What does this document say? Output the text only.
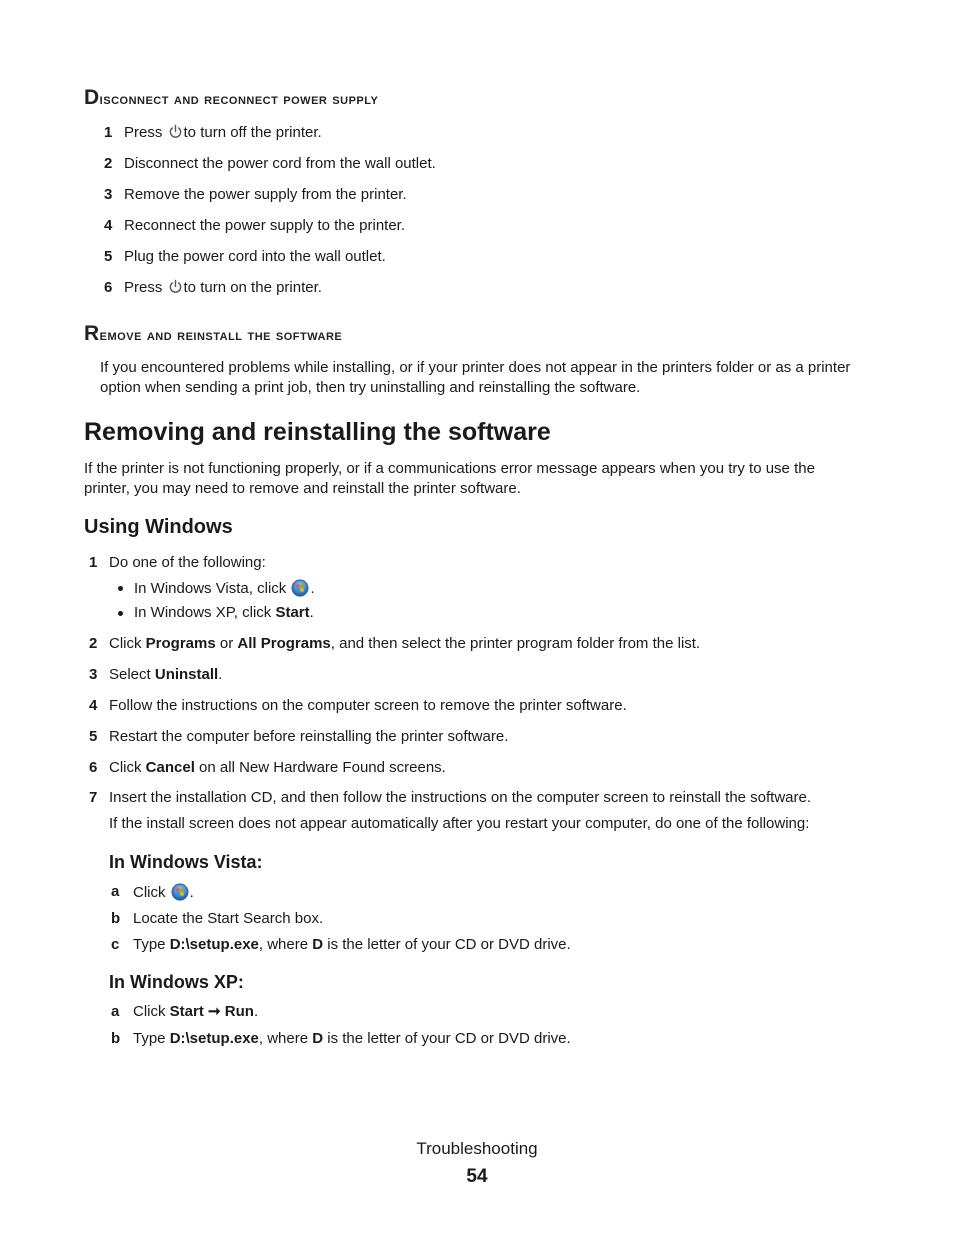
Disconnect and reconnect power supply
1 Press to turn off the printer.
2 Disconnect the power cord from the wall outlet.
3 Remove the power supply from the printer.
4 Reconnect the power supply to the printer.
5 Plug the power cord into the wall outlet.
6 Press to turn on the printer.
Remove and reinstall the software
If you encountered problems while installing, or if your printer does not appear in the printers folder or as a printer
option when sending a print job, then try uninstalling and reinstalling the software.
Removing and reinstalling the software
If the printer is not functioning properly, or if a communications error message appears when you try to use the
printer, you may need to remove and reinstall the printer software.
Using Windows
1 Do one of the following:
In Windows Vista, click .
In Windows XP, click Start.
2 Click Programs or All Programs, and then select the printer program folder from the list.
3 Select Uninstall.
4 Follow the instructions on the computer screen to remove the printer software.
5 Restart the computer before reinstalling the printer software.
6 Click Cancel on all New Hardware Found screens.
7 Insert the installation CD, and then follow the instructions on the computer screen to reinstall the software.
If the install screen does not appear automatically after you restart your computer, do one of the following:
In Windows Vista:
a Click .
b Locate the Start Search box.
c Type D:\setup.exe, where D is the letter of your CD or DVD drive.
In Windows XP:
a Click Start ➞ Run.
b Type D:\setup.exe, where D is the letter of your CD or DVD drive.
Troubleshooting
54
